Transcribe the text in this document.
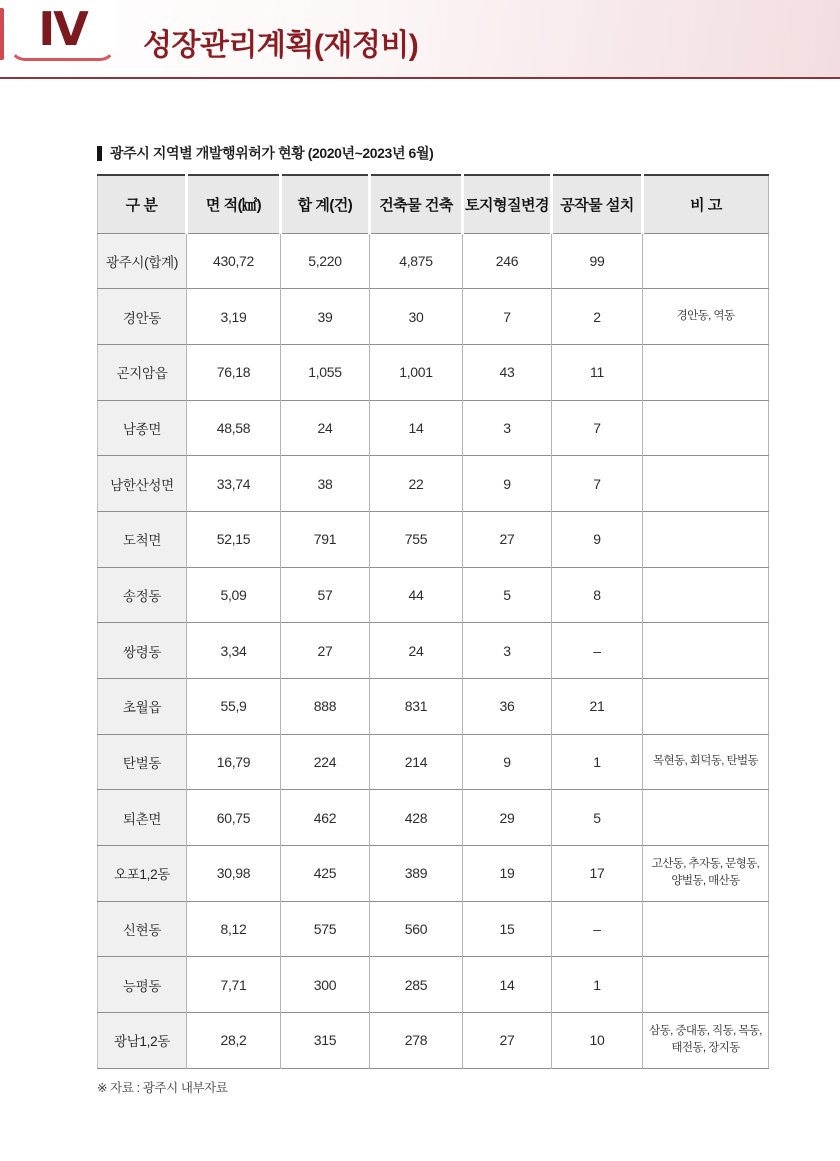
Ⅳ 성장관리계획(재정비)
광주시 지역별 개발행위허가 현황 (2020년~2023년 6월)
구 분	면 적(㎢)	합 계(건)	건축물 건축	토지형질변경	공작물 설치	비 고
광주시(합계)	430,72	5,220	4,875	246	99	
경안동	3,19	39	30	7	2	경안동, 역동
곤지암읍	76,18	1,055	1,001	43	11	
남종면	48,58	24	14	3	7	
남한산성면	33,74	38	22	9	7	
도척면	52,15	791	755	27	9	
송정동	5,09	57	44	5	8	
쌍령동	3,34	27	24	3	–	
초월읍	55,9	888	831	36	21	
탄벌동	16,79	224	214	9	1	목현동, 회덕동, 탄벌동
퇴촌면	60,75	462	428	29	5	
오포1,2동	30,98	425	389	19	17	고산동, 추자동, 문형동, 양벌동, 매산동
신현동	8,12	575	560	15	–	
능평동	7,71	300	285	14	1	
광남1,2동	28,2	315	278	27	10	삼동, 중대동, 직동, 목동, 태전동, 장지동

※ 자료 : 광주시 내부자료
